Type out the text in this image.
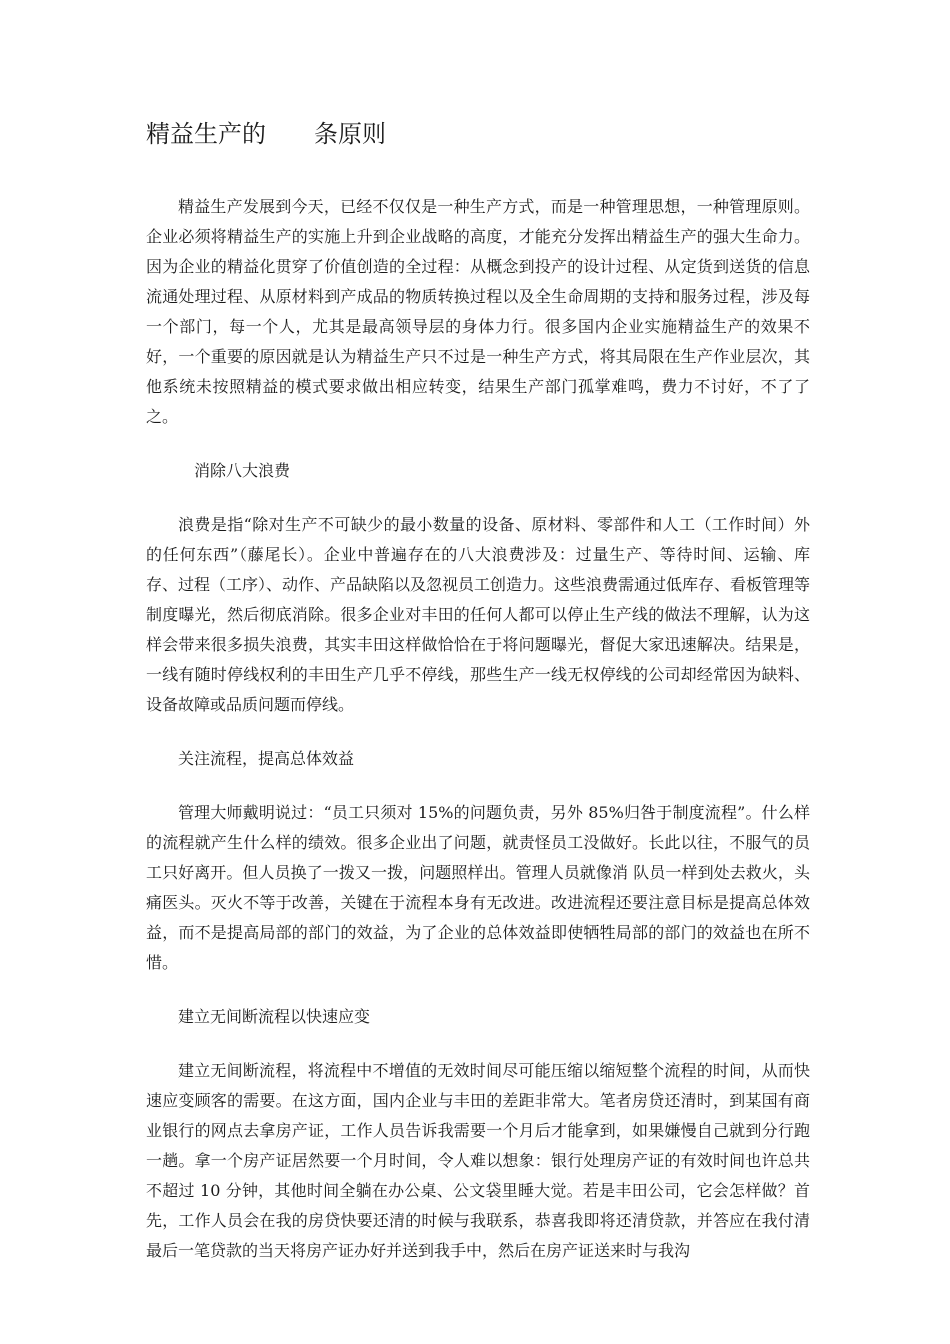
精益生产的　　条原则

精益生产发展到今天，已经不仅仅是一种生产方式，而是一种管理思想，一种管理原则。企业必须将精益生产的实施上升到企业战略的高度，才能充分发挥出精益生产的强大生命力。因为企业的精益化贯穿了价值创造的全过程：从概念到投产的设计过程、从定货到送货的信息流通处理过程、从原材料到产成品的物质转换过程以及全生命周期的支持和服务过程，涉及每一个部门，每一个人，尤其是最高领导层的身体力行。很多国内企业实施精益生产的效果不好，一个重要的原因就是认为精益生产只不过是一种生产方式，将其局限在生产作业层次，其他系统未按照精益的模式要求做出相应转变，结果生产部门孤掌难鸣，费力不讨好，不了了之。

消除八大浪费

浪费是指“除对生产不可缺少的最小数量的设备、原材料、零部件和人工（工作时间）外的任何东西”（藤尾长）。企业中普遍存在的八大浪费涉及：过量生产、等待时间、运输、库存、过程（工序）、动作、产品缺陷以及忽视员工创造力。这些浪费需通过低库存、看板管理等制度曝光，然后彻底消除。很多企业对丰田的任何人都可以停止生产线的做法不理解，认为这样会带来很多损失浪费，其实丰田这样做恰恰在于将问题曝光，督促大家迅速解决。结果是，一线有随时停线权利的丰田生产几乎不停线，那些生产一线无权停线的公司却经常因为缺料、设备故障或品质问题而停线。

关注流程，提高总体效益

管理大师戴明说过：“员工只须对 15%的问题负责，另外 85%归咎于制度流程”。什么样的流程就产生什么样的绩效。很多企业出了问题，就责怪员工没做好。长此以往，不服气的员工只好离开。但人员换了一拨又一拨，问题照样出。管理人员就像消 队员一样到处去救火，头痛医头。灭火不等于改善，关键在于流程本身有无改进。改进流程还要注意目标是提高总体效益，而不是提高局部的部门的效益，为了企业的总体效益即使牺牲局部的部门的效益也在所不惜。

建立无间断流程以快速应变

建立无间断流程，将流程中不增值的无效时间尽可能压缩以缩短整个流程的时间，从而快速应变顾客的需要。在这方面，国内企业与丰田的差距非常大。笔者房贷还清时，到某国有商业银行的网点去拿房产证，工作人员告诉我需要一个月后才能拿到，如果嫌慢自己就到分行跑一趟。拿一个房产证居然要一个月时间，令人难以想象：银行处理房产证的有效时间也许总共不超过 10 分钟，其他时间全躺在办公桌、公文袋里睡大觉。若是丰田公司，它会怎样做？首先，工作人员会在我的房贷快要还清的时候与我联系，恭喜我即将还清贷款，并答应在我付清最后一笔贷款的当天将房产证办好并送到我手中，然后在房产证送来时与我沟
